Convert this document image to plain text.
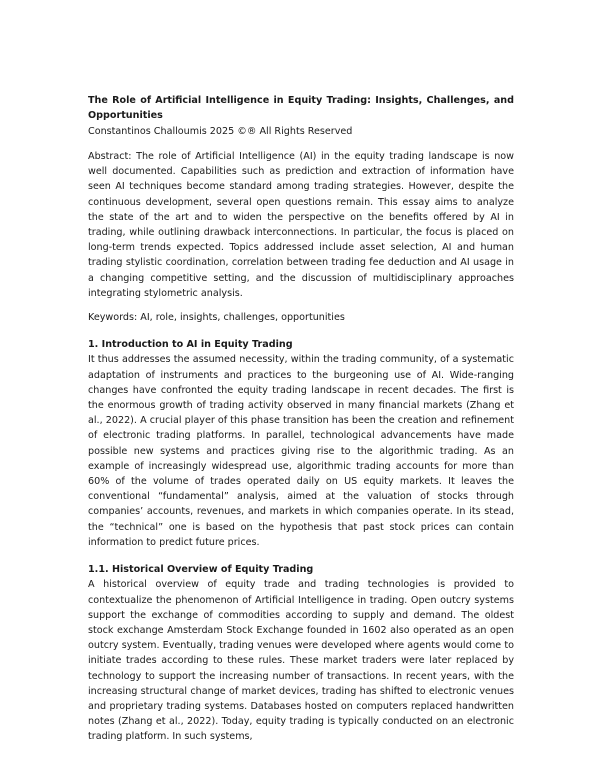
The Role of Artificial Intelligence in Equity Trading: Insights, Challenges, and Opportunities

Constantinos Challoumis 2025 ©® All Rights Reserved

Abstract: The role of Artificial Intelligence (AI) in the equity trading landscape is now well documented. Capabilities such as prediction and extraction of information have seen AI techniques become standard among trading strategies. However, despite the continuous development, several open questions remain. This essay aims to analyze the state of the art and to widen the perspective on the benefits offered by AI in trading, while outlining drawback interconnections. In particular, the focus is placed on long-term trends expected. Topics addressed include asset selection, AI and human trading stylistic coordination, correlation between trading fee deduction and AI usage in a changing competitive setting, and the discussion of multidisciplinary approaches integrating stylometric analysis.

Keywords: AI, role, insights, challenges, opportunities

1. Introduction to AI in Equity Trading

It thus addresses the assumed necessity, within the trading community, of a systematic adaptation of instruments and practices to the burgeoning use of AI. Wide-ranging changes have confronted the equity trading landscape in recent decades. The first is the enormous growth of trading activity observed in many financial markets (Zhang et al., 2022). A crucial player of this phase transition has been the creation and refinement of electronic trading platforms. In parallel, technological advancements have made possible new systems and practices giving rise to the algorithmic trading. As an example of increasingly widespread use, algorithmic trading accounts for more than 60% of the volume of trades operated daily on US equity markets. It leaves the conventional “fundamental” analysis, aimed at the valuation of stocks through companies’ accounts, revenues, and markets in which companies operate. In its stead, the “technical” one is based on the hypothesis that past stock prices can contain information to predict future prices.

1.1. Historical Overview of Equity Trading

A historical overview of equity trade and trading technologies is provided to contextualize the phenomenon of Artificial Intelligence in trading. Open outcry systems support the exchange of commodities according to supply and demand. The oldest stock exchange Amsterdam Stock Exchange founded in 1602 also operated as an open outcry system. Eventually, trading venues were developed where agents would come to initiate trades according to these rules. These market traders were later replaced by technology to support the increasing number of transactions. In recent years, with the increasing structural change of market devices, trading has shifted to electronic venues and proprietary trading systems. Databases hosted on computers replaced handwritten notes (Zhang et al., 2022). Today, equity trading is typically conducted on an electronic trading platform. In such systems,
